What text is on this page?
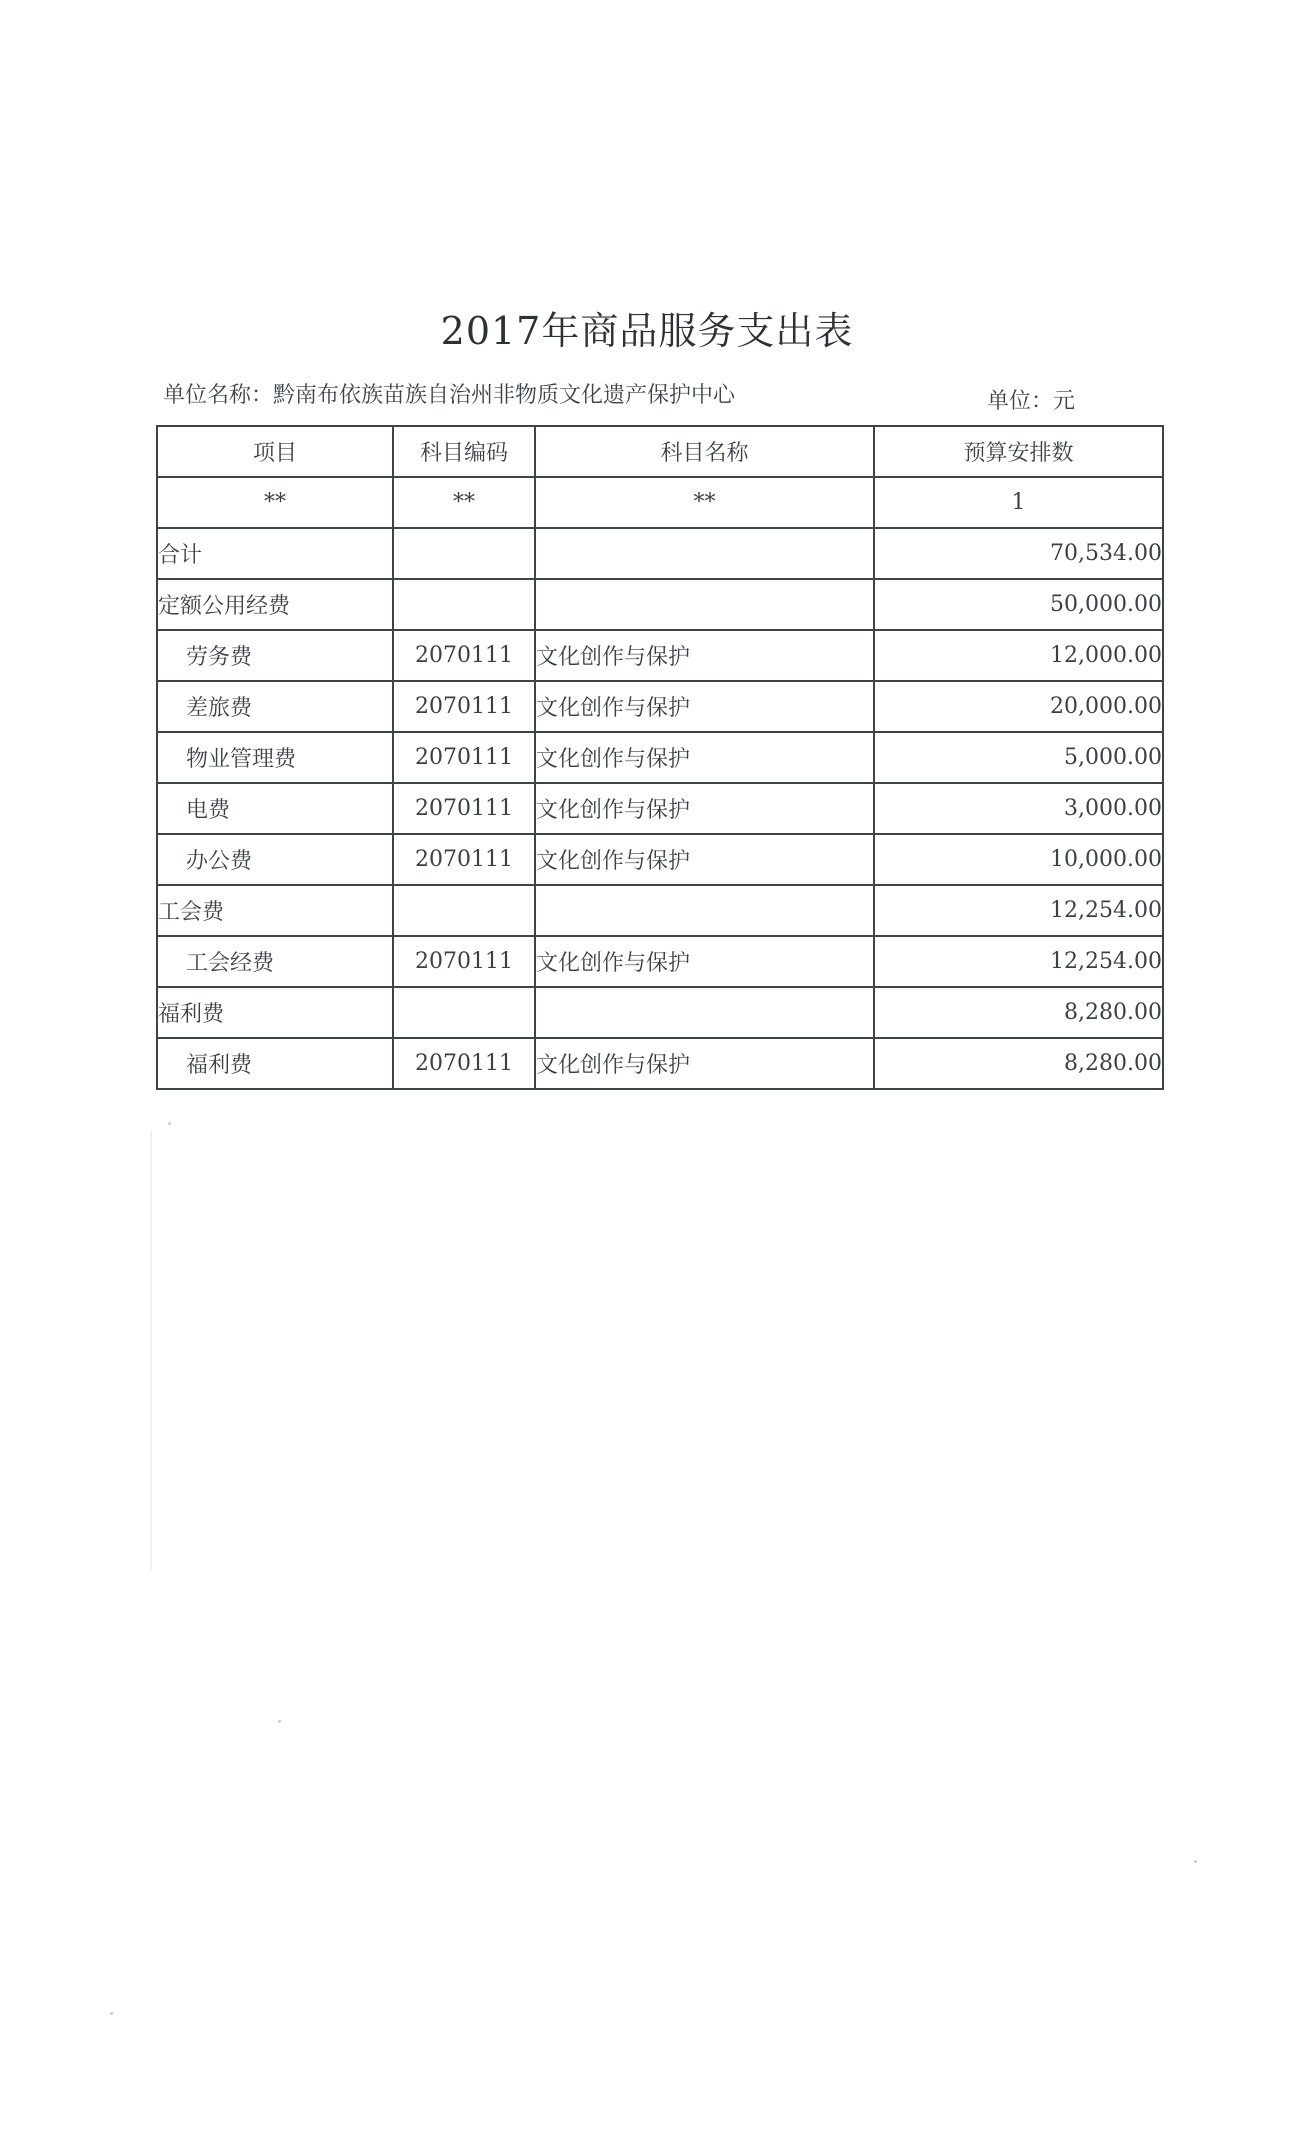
2017年商品服务支出表
单位名称：黔南布依族苗族自治州非物质文化遗产保护中心	单位：元
项目	科目编码	科目名称	预算安排数
**	**	**	1
合计			70,534.00
定额公用经费			50,000.00
劳务费	2070111	文化创作与保护	12,000.00
差旅费	2070111	文化创作与保护	20,000.00
物业管理费	2070111	文化创作与保护	5,000.00
电费	2070111	文化创作与保护	3,000.00
办公费	2070111	文化创作与保护	10,000.00
工会费			12,254.00
工会经费	2070111	文化创作与保护	12,254.00
福利费			8,280.00
福利费	2070111	文化创作与保护	8,280.00
